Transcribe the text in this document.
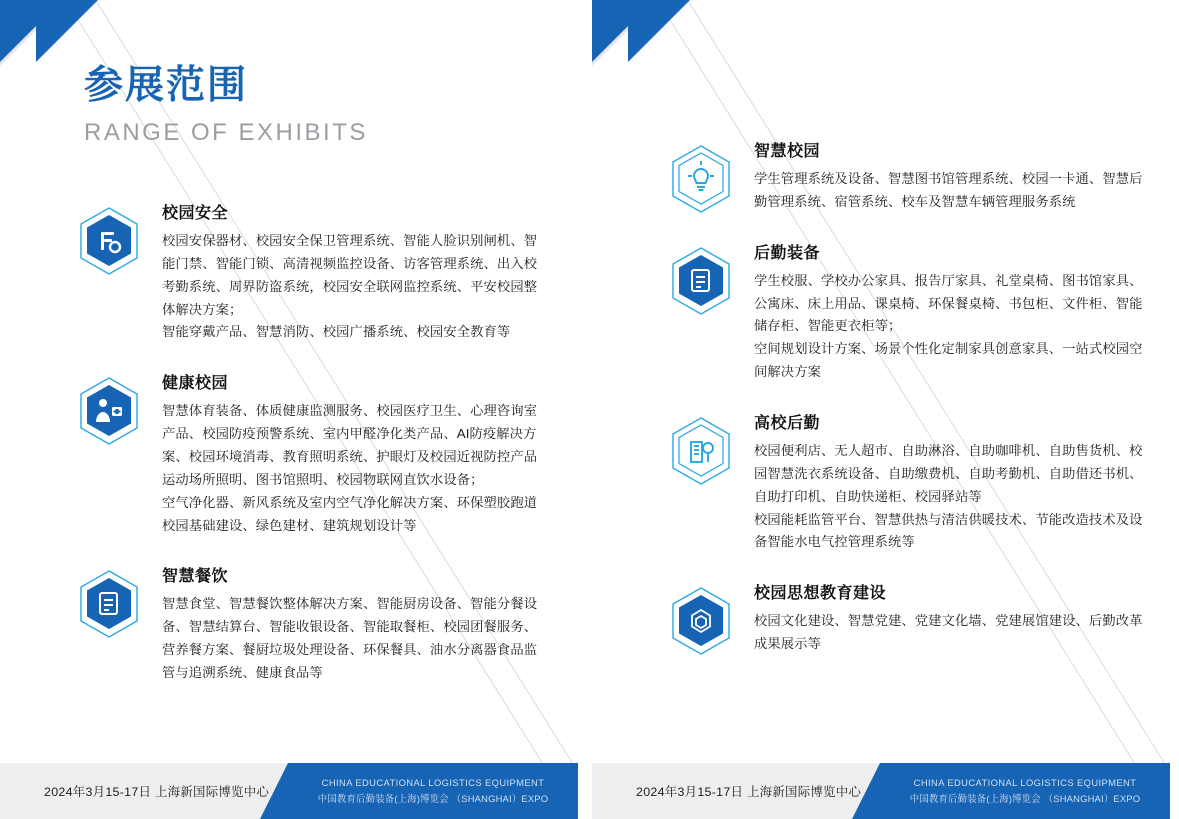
参展范围
RANGE OF EXHIBITS
校园安全

校园安保器材、校园安全保卫管理系统、智能人脸识别闸机、智能门禁、智能门锁、高清视频监控设备、访客管理系统、出入校考勤系统、周界防盗系统，校园安全联网监控系统、平安校园整体解决方案；

智能穿戴产品、智慧消防、校园广播系统、校园安全教育等

健康校园

智慧体育装备、体质健康监测服务、校园医疗卫生、心理咨询室产品、校园防疫预警系统、室内甲醛净化类产品、AI防疫解决方案、校园环境消毒、教育照明系统、护眼灯及校园近视防控产品运动场所照明、图书馆照明、校园物联网直饮水设备；

空气净化器、新风系统及室内空气净化解决方案、环保塑胶跑道校园基础建设、绿色建材、建筑规划设计等

智慧餐饮

智慧食堂、智慧餐饮整体解决方案、智能厨房设备、智能分餐设备、智慧结算台、智能收银设备、智能取餐柜、校园团餐服务、营养餐方案、餐厨垃圾处理设备、环保餐具、油水分离器食品监管与追溯系统、健康食品等

2024年3月15-17日 上海新国际博览中心
CHINA EDUCATIONAL LOGISTICS EQUIPMENT
中国教育后勤装备(上海)博览会 （SHANGHAI）EXPO
智慧校园

学生管理系统及设备、智慧图书馆管理系统、校园一卡通、智慧后勤管理系统、宿管系统、校车及智慧车辆管理服务系统

后勤装备

学生校服、学校办公家具、报告厅家具、礼堂桌椅、图书馆家具、公寓床、床上用品、课桌椅、环保餐桌椅、书包柜、文件柜、智能储存柜、智能更衣柜等；

空间规划设计方案、场景个性化定制家具创意家具、一站式校园空间解决方案

高校后勤

校园便利店、无人超市、自助淋浴、自助咖啡机、自助售货机、校园智慧洗衣系统设备、自助缴费机、自助考勤机、自助借还书机、自助打印机、自助快递柜、校园驿站等

校园能耗监管平台、智慧供热与清洁供暖技术、节能改造技术及设备智能水电气控管理系统等

校园思想教育建设

校园文化建设、智慧党建、党建文化墙、党建展馆建设、后勤改革成果展示等

2024年3月15-17日 上海新国际博览中心
CHINA EDUCATIONAL LOGISTICS EQUIPMENT
中国教育后勤装备(上海)博览会 （SHANGHAI）EXPO
